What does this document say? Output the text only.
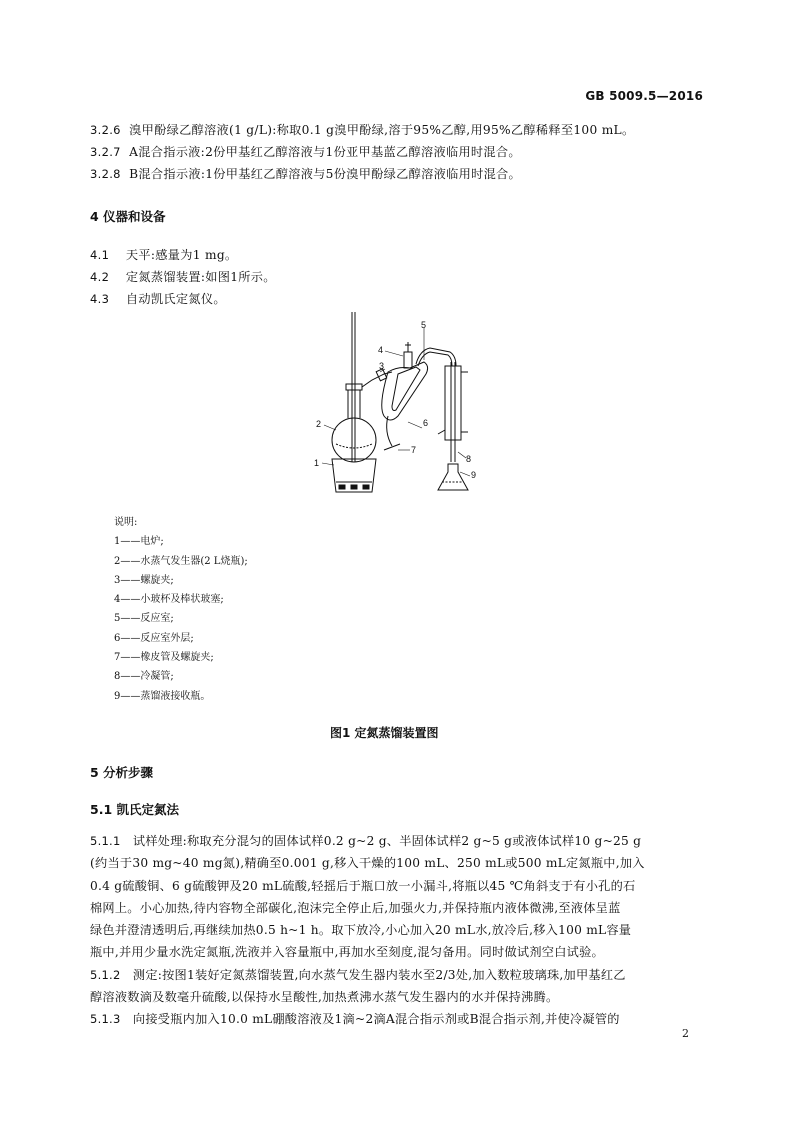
GB 5009.5—2016
3.2.6 溴甲酚绿乙醇溶液(1 g/L):称取0.1 g溴甲酚绿,溶于95%乙醇,用95%乙醇稀释至100 mL。
3.2.7 A混合指示液:2份甲基红乙醇溶液与1份亚甲基蓝乙醇溶液临用时混合。
3.2.8 B混合指示液:1份甲基红乙醇溶液与5份溴甲酚绿乙醇溶液临用时混合。
4 仪器和设备
4.1 天平:感量为1 mg。
4.2 定氮蒸馏装置:如图1所示。
4.3 自动凯氏定氮仪。
1
2
3
4
5
6
7
8
9
说明:
1——电炉;
2——水蒸气发生器(2 L烧瓶);
3——螺旋夹;
4——小玻杯及棒状玻塞;
5——反应室;
6——反应室外层;
7——橡皮管及螺旋夹;
8——冷凝管;
9——蒸馏液接收瓶。
图1 定氮蒸馏装置图
5 分析步骤
5.1 凯氏定氮法
5.1.1 试样处理:称取充分混匀的固体试样0.2 g~2 g、半固体试样2 g~5 g或液体试样10 g~25 g
(约当于30 mg~40 mg氮),精确至0.001 g,移入干燥的100 mL、250 mL或500 mL定氮瓶中,加入
0.4 g硫酸铜、6 g硫酸钾及20 mL硫酸,轻摇后于瓶口放一小漏斗,将瓶以45 ℃角斜支于有小孔的石
棉网上。小心加热,待内容物全部碳化,泡沫完全停止后,加强火力,并保持瓶内液体微沸,至液体呈蓝
绿色并澄清透明后,再继续加热0.5 h~1 h。取下放冷,小心加入20 mL水,放冷后,移入100 mL容量
瓶中,并用少量水洗定氮瓶,洗液并入容量瓶中,再加水至刻度,混匀备用。同时做试剂空白试验。
5.1.2 测定:按图1装好定氮蒸馏装置,向水蒸气发生器内装水至2/3处,加入数粒玻璃珠,加甲基红乙
醇溶液数滴及数毫升硫酸,以保持水呈酸性,加热煮沸水蒸气发生器内的水并保持沸腾。
5.1.3 向接受瓶内加入10.0 mL硼酸溶液及1滴~2滴A混合指示剂或B混合指示剂,并使冷凝管的
2
